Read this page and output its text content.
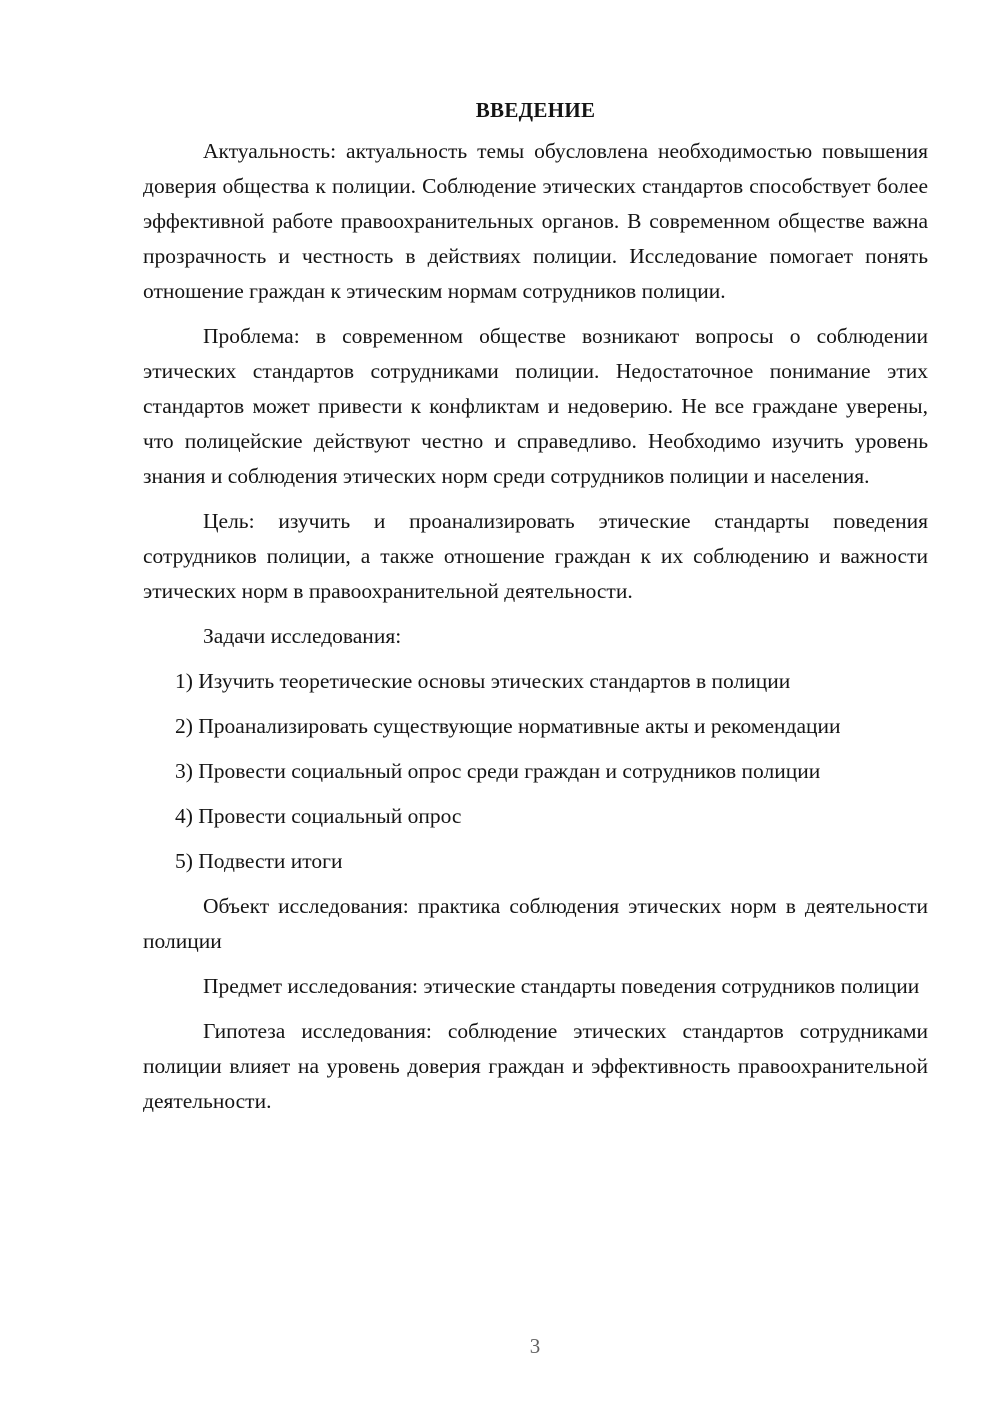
ВВЕДЕНИЕ

Актуальность: актуальность темы обусловлена необходимостью повышения доверия общества к полиции. Соблюдение этических стандартов способствует более эффективной работе правоохранительных органов. В современном обществе важна прозрачность и честность в действиях полиции. Исследование помогает понять отношение граждан к этическим нормам сотрудников полиции.

Проблема: в современном обществе возникают вопросы о соблюдении этических стандартов сотрудниками полиции. Недостаточное понимание этих стандартов может привести к конфликтам и недоверию. Не все граждане уверены, что полицейские действуют честно и справедливо. Необходимо изучить уровень знания и соблюдения этических норм среди сотрудников полиции и населения.

Цель: изучить и проанализировать этические стандарты поведения сотрудников полиции, а также отношение граждан к их соблюдению и важности этических норм в правоохранительной деятельности.

Задачи исследования:

1) Изучить теоретические основы этических стандартов в полиции

2) Проанализировать существующие нормативные акты и рекомендации

3) Провести социальный опрос среди граждан и сотрудников полиции

4) Провести социальный опрос

5) Подвести итоги

Объект исследования: практика соблюдения этических норм в деятельности полиции

Предмет исследования: этические стандарты поведения сотрудников полиции

Гипотеза исследования: соблюдение этических стандартов сотрудниками полиции влияет на уровень доверия граждан и эффективность правоохранительной деятельности.

3
